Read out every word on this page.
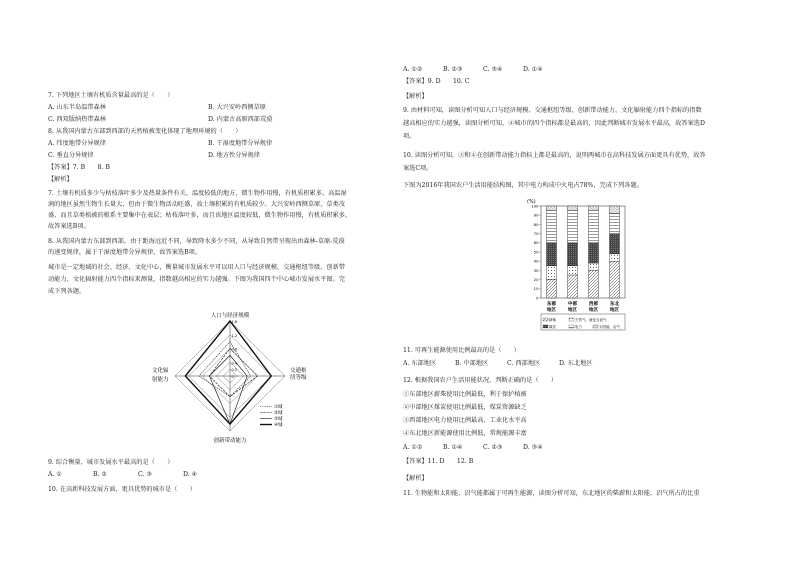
7. 下列地区土壤有机质含量最高的是（　　）
A. 山东半岛温带森林	B. 大兴安岭西侧草原
C. 西双版纳热带森林	D. 内蒙古高原西部荒漠
8. 从我国内蒙古东部到西部的天然植被变化体现了地理环境的（　　）
A. 纬度地带分异规律	B. 干湿度地带分异规律
C. 垂直分异规律	D. 地方性分异规律
【答案】7. B　　8. B
【解析】
7. 土壤有机质多少与枯枝落叶多少及热量条件有关。温度较低的地方，微生物作用慢，有机质积累多。高温湿
润的地区虽然生物生长量大，但由于微生物活动旺盛，故土壤积累的有机质较少。大兴安岭西侧草原，草类茂
盛，而且草类植被的根系主要集中在表层；枯枝落叶多，而且该地区温度较低，微生物作用慢，有机质积累多，
故答案选B项。
8. 从我国内蒙古东部到西部，由于距海远近不同，导致降水多少不同，从导致自然带呈现出由森林-草原-荒漠
的递变规律，属于干湿度地带分异规律，故答案选B项。
城市是一定地域的社会、经济、文化中心，衡量城市发展水平可以用人口与经济规模、交通枢纽等级、创新带
动能力、文化辐射能力四个指标来测量，指数越高相应的实力越强。下图为我国四个中心城市发展水平图。完
成下列各题。
人口与经济规模
交通枢
纽等级
创新带动能力
文化辐
射能力
1.6
1.2
0.8
0.4
0.2
0
①城
②城
③城
④城
9. 综合衡量，城市发展水平最高的是（　　）
A. ①	B. ②	C. ③	D. ④
10. 在高新科技发展方面，更具优势的城市是（　　）
A. ①②	B. ②③	C. ③④	D. ①④
【答案】9. D　　10. C
【解析】
9. 由材料可知，读图分析可知人口与经济规模、交通枢纽等级、创新带动能力、文化辐射能力四个指标的指数
越高相应的实力越强，读图分析可知，④城市的四个指标都是最高的，因此判断城市发展水平最高，故答案选D
项。
10. 读图分析可知，③和④在创新带动能力指标上都是最高的，说明两城市在高科技发展方面更具有优势，故答
案选C项。
下图为2016年我国农户生活用能结构图，其中电力构成中火电占78%，完成下列各题。
(%)
100
90
80
70
60
50
40
30
20
10
0
东部
地区
中部
地区
西部
地区
东北
地区
薪柴	天然气、液化石油气
煤炭	电力	太阳能、沼气
11. 可再生能源使用比例最高的是（　　）
A. 东部地区	B. 中部地区	C. 西部地区	D. 东北地区
12. 根据我国农户生活用能状况，判断正确的是（　　）
①东部地区薪柴使用比例最低，利于保护植被
②中部地区煤炭使用比例最低，煤炭资源缺乏
③西部地区电力使用比例最高，工业化水平高
④东北地区新能源使用比例低，常规能源丰富
A. ①②	B. ①④	C. ②③	D. ③④
【答案】11. D　　12. B
【解析】
11. 生物能和太阳能、沼气能都属于可再生能源，读图分析可知，东北地区的柴薪和太阳能、沼气所占的比重
